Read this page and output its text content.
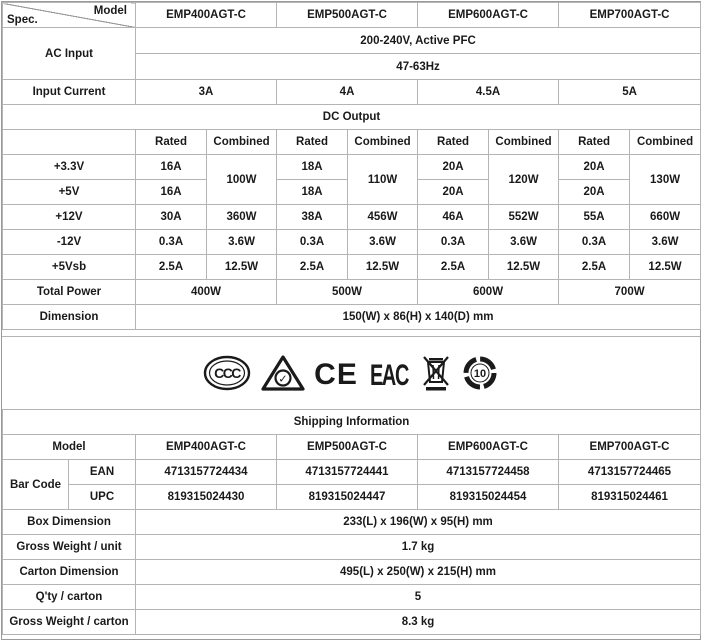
Model
Spec.	EMP400AGT-C		EMP500AGT-C		EMP600AGT-C		EMP700AGT-C	
AC Input	200-240V, Active PFC							
	47-63Hz							
Input Current	3A		4A		4.5A		5A	
DC Output								
	Rated	Combined	Rated	Combined	Rated	Combined	Rated	Combined
+3.3V	16A	100W	18A	110W	20A	120W	20A	130W
+5V	16A		18A		20A		20A	
+12V	30A	360W	38A	456W	46A	552W	55A	660W
-12V	0.3A	3.6W	0.3A	3.6W	0.3A	3.6W	0.3A	3.6W
+5Vsb	2.5A	12.5W	2.5A	12.5W	2.5A	12.5W	2.5A	12.5W
Total Power	400W		500W		600W		700W	
Dimension	150(W) x 86(H) x 140(D) mm							
CCC	✓ CE EAC	10
Shipping Information					
Model		EMP400AGT-C	EMP500AGT-C	EMP600AGT-C	EMP700AGT-C
Bar Code	EAN	4713157724434	4713157724441	4713157724458	4713157724465
	UPC	819315024430	819315024447	819315024454	819315024461
Box Dimension		233(L) x 196(W) x 95(H) mm			
Gross Weight / unit		1.7 kg			
Carton Dimension		495(L) x 250(W) x 215(H) mm			
Q'ty / carton		5			
Gross Weight / carton		8.3 kg			
